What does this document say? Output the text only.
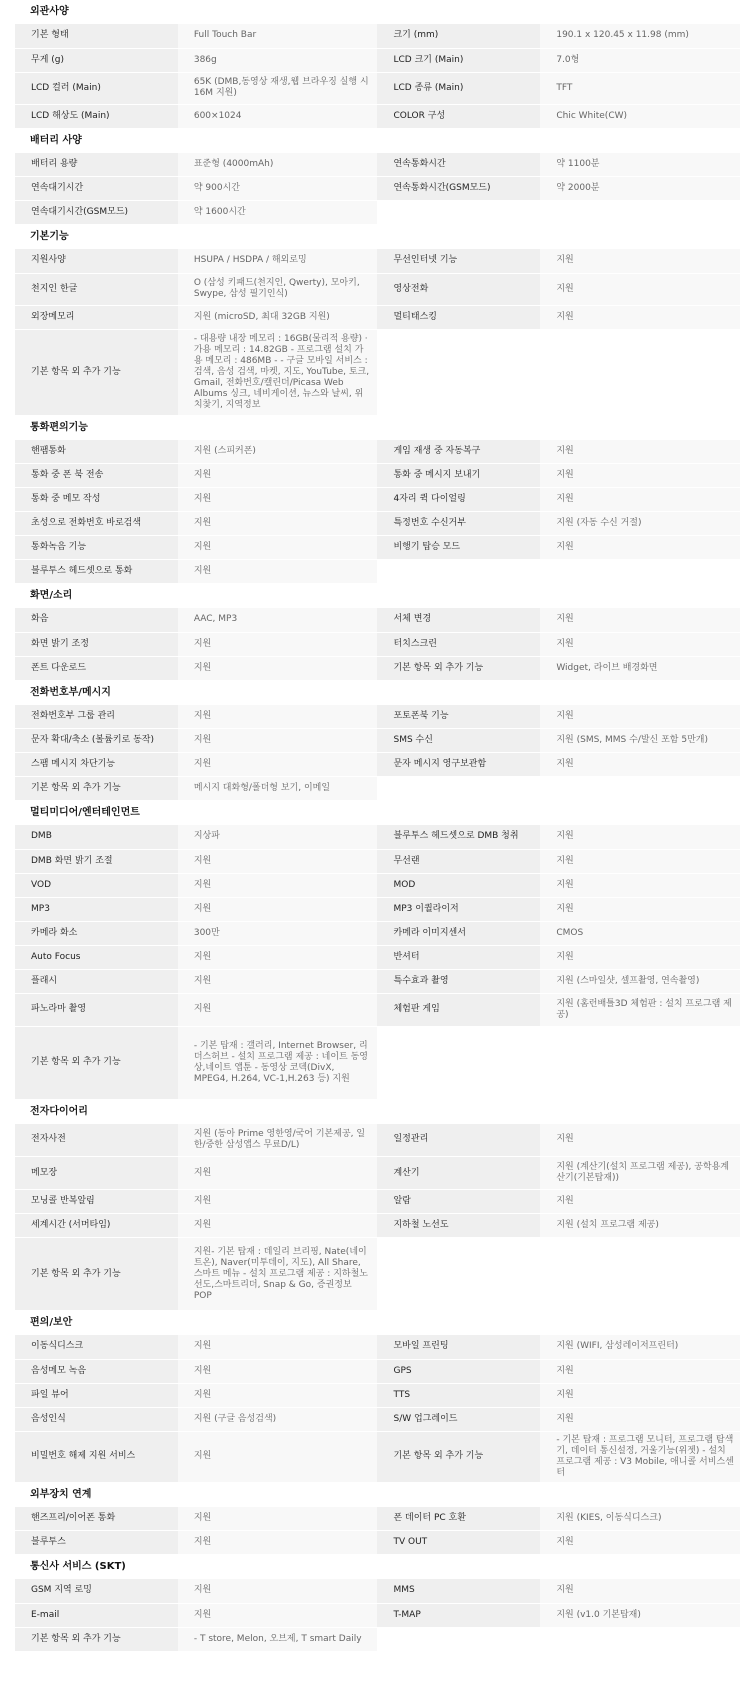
외관사양
기본 형태	Full Touch Bar	크기 (mm)	190.1 x 120.45 x 11.98 (mm)
무게 (g)	386g	LCD 크기 (Main)	7.0형
LCD 컬러 (Main)	65K (DMB,동영상 재생,웹 브라우징 실행 시 16M 지원)	LCD 종류 (Main)	TFT
LCD 해상도 (Main)	600×1024	COLOR 구성	Chic White(CW)
배터리 사양
배터리 용량	표준형 (4000mAh)	연속통화시간	약 1100분
연속대기시간	약 900시간	연속통화시간(GSM모드)	약 2000분
연속대기시간(GSM모드)	약 1600시간		
기본기능
지원사양	HSUPA / HSDPA / 해외로밍	무선인터넷 기능	지원
천지인 한글	O (삼성 키패드(천지인, Qwerty), 모아키, Swype, 삼성 필기인식)	영상전화	지원
외장메모리	지원 (microSD, 최대 32GB 지원)	멀티태스킹	지원
기본 항목 외 추가 기능	- 대용량 내장 메모리 : 16GB(물리적 용량) · 가용 메모리 : 14.82GB - 프로그램 설치 가용 메모리 : 486MB - - 구글 모바일 서비스 : 검색, 음성 검색, 마켓, 지도, YouTube, 토크, Gmail, 전화번호/캘린더/Picasa Web Albums 싱크, 네비게이션, 뉴스와 날씨, 위치찾기, 지역정보		
통화편의기능
핸팸통화	지원 (스피커폰)	게임 재생 중 자동복구	지원
통화 중 폰 북 전송	지원	통화 중 메시지 보내기	지원
통화 중 메모 작성	지원	4자리 퀵 다이얼링	지원
초성으로 전화번호 바로검색	지원	특정번호 수신거부	지원 (자동 수신 거절)
통화녹음 기능	지원	비행기 탑승 모드	지원
블루투스 헤드셋으로 통화	지원		
화면/소리
화음	AAC, MP3	서체 변경	지원
화면 밝기 조정	지원	터치스크린	지원
폰트 다운로드	지원	기본 항목 외 추가 기능	Widget, 라이브 배경화면
전화번호부/메시지
전화번호부 그룹 관리	지원	포토폰북 기능	지원
문자 확대/축소 (볼륨키로 동작)	지원	SMS 수신	지원 (SMS, MMS 수/발신 포함 5만개)
스팸 메시지 차단기능	지원	문자 메시지 영구보관함	지원
기본 항목 외 추가 기능	메시지 대화형/폴더형 보기, 이메일		
멀티미디어/엔터테인먼트
DMB	지상파	블루투스 헤드셋으로 DMB 청취	지원
DMB 화면 밝기 조절	지원	무선랜	지원
VOD	지원	MOD	지원
MP3	지원	MP3 이퀄라이저	지원
카메라 화소	300만	카메라 이미지센서	CMOS
Auto Focus	지원	반셔터	지원
플래시	지원	특수효과 촬영	지원 (스마일샷, 셀프촬영, 연속촬영)
파노라마 촬영	지원	체험판 게임	지원 (홈런배틀3D 체험판 : 설치 프로그램 제공)
기본 항목 외 추가 기능	- 기본 탑재 : 갤러리, Internet Browser, 리더스허브 - 설치 프로그램 제공 : 네이트 동영상,네이트 앱툰 - 동영상 코덱(DivX, MPEG4, H.264, VC-1,H.263 등) 지원		
전자다이어리
전자사전	지원 (동아 Prime 영한영/국어 기본제공, 일한/중한 삼성앱스 무료D/L)	일정관리	지원
메모장	지원	계산기	지원 (계산기(설치 프로그램 제공), 공학용계산기(기본탑재))
모닝콜 반복알림	지원	알람	지원
세계시간 (서머타임)	지원	지하철 노선도	지원 (설치 프로그램 제공)
기본 항목 외 추가 기능	지원- 기본 탑재 : 데일리 브리핑, Nate(네이트온), Naver(미투데이, 지도), All Share, 스마트 메뉴 - 설치 프로그램 제공 : 지하철노선도,스마트리더, Snap & Go, 증권정보 POP		
편의/보안
이동식디스크	지원	모바일 프린팅	지원 (WIFI, 삼성레이저프린터)
음성메모 녹음	지원	GPS	지원
파일 뷰어	지원	TTS	지원
음성인식	지원 (구글 음성검색)	S/W 업그레이드	지원
비밀번호 해제 지원 서비스	지원	기본 항목 외 추가 기능	- 기본 탑재 : 프로그램 모니터, 프로그램 탐색기, 데이터 통신설정, 거울기능(위젯) - 설치 프로그램 제공 : V3 Mobile, 애니콜 서비스센터
외부장치 연계
핸즈프리/이어폰 통화	지원	폰 데이터 PC 호환	지원 (KIES, 이동식디스크)
블루투스	지원	TV OUT	지원
통신사 서비스 (SKT)
GSM 지역 로밍	지원	MMS	지원
E-mail	지원	T-MAP	지원 (v1.0 기본탑재)
기본 항목 외 추가 기능	- T store, Melon, 오브제, T smart Daily		
